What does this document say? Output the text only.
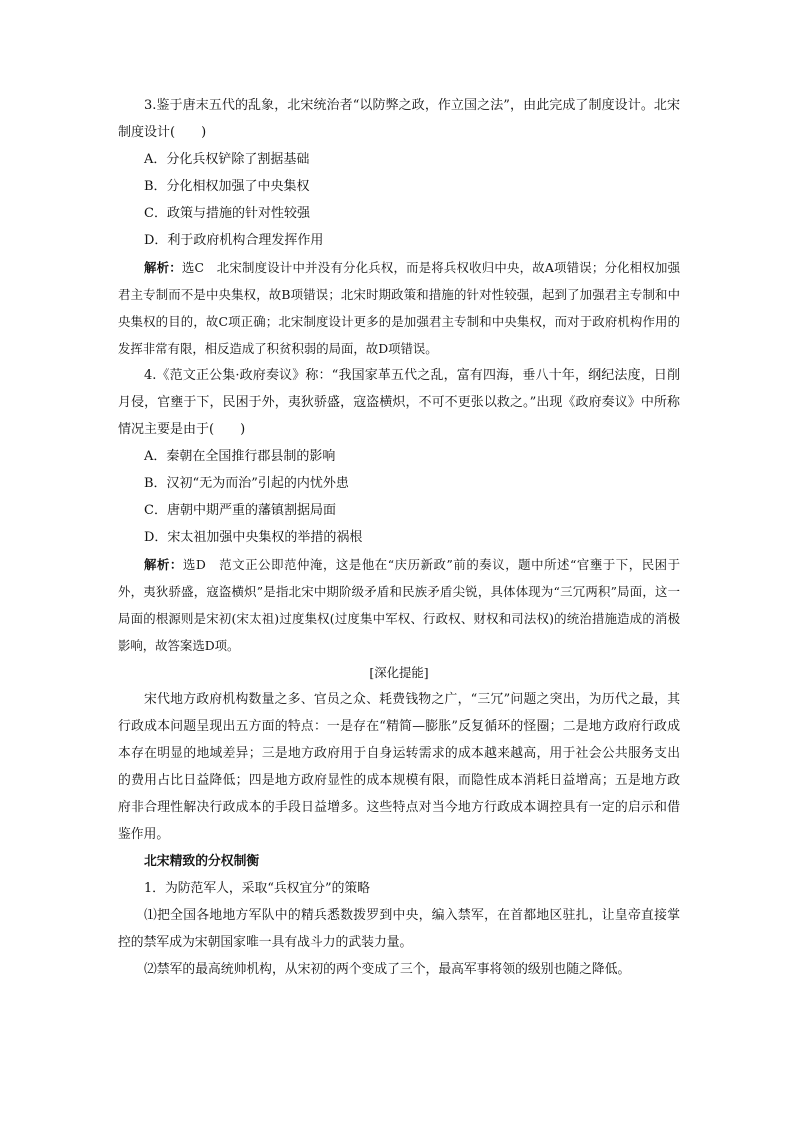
3.鉴于唐末五代的乱象，北宋统治者“以防弊之政，作立国之法”，由此完成了制度设计。北宋制度设计(　　)

A．分化兵权铲除了割据基础

B．分化相权加强了中央集权

C．政策与措施的针对性较强

D．利于政府机构合理发挥作用

解析：选C　北宋制度设计中并没有分化兵权，而是将兵权收归中央，故A项错误；分化相权加强君主专制而不是中央集权，故B项错误；北宋时期政策和措施的针对性较强，起到了加强君主专制和中央集权的目的，故C项正确；北宋制度设计更多的是加强君主专制和中央集权，而对于政府机构作用的发挥非常有限，相反造成了积贫积弱的局面，故D项错误。

4.《范文正公集·政府奏议》称：“我国家革五代之乱，富有四海，垂八十年，纲纪法度，日削月侵，官壅于下，民困于外，夷狄骄盛，寇盗横炽，不可不更张以救之。”出现《政府奏议》中所称情况主要是由于(　　)

A．秦朝在全国推行郡县制的影响

B．汉初“无为而治”引起的内忧外患

C．唐朝中期严重的藩镇割据局面

D．宋太祖加强中央集权的举措的祸根

解析：选D　范文正公即范仲淹，这是他在“庆历新政”前的奏议，题中所述“官壅于下，民困于外，夷狄骄盛，寇盗横炽”是指北宋中期阶级矛盾和民族矛盾尖锐，具体体现为“三冗两积”局面，这一局面的根源则是宋初(宋太祖)过度集权(过度集中军权、行政权、财权和司法权)的统治措施造成的消极影响，故答案选D项。

[深化提能]

宋代地方政府机构数量之多、官员之众、耗费钱物之广，“三冗”问题之突出，为历代之最，其行政成本问题呈现出五方面的特点：一是存在“精简—膨胀”反复循环的怪圈；二是地方政府行政成本存在明显的地域差异；三是地方政府用于自身运转需求的成本越来越高，用于社会公共服务支出的费用占比日益降低；四是地方政府显性的成本规模有限，而隐性成本消耗日益增高；五是地方政府非合理性解决行政成本的手段日益增多。这些特点对当今地方行政成本调控具有一定的启示和借鉴作用。

北宋精致的分权制衡

1．为防范军人，采取“兵权宜分”的策略

⑴把全国各地地方军队中的精兵悉数拨罗到中央，编入禁军，在首都地区驻扎，让皇帝直接掌控的禁军成为宋朝国家唯一具有战斗力的武装力量。

⑵禁军的最高统帅机构，从宋初的两个变成了三个，最高军事将领的级别也随之降低。
